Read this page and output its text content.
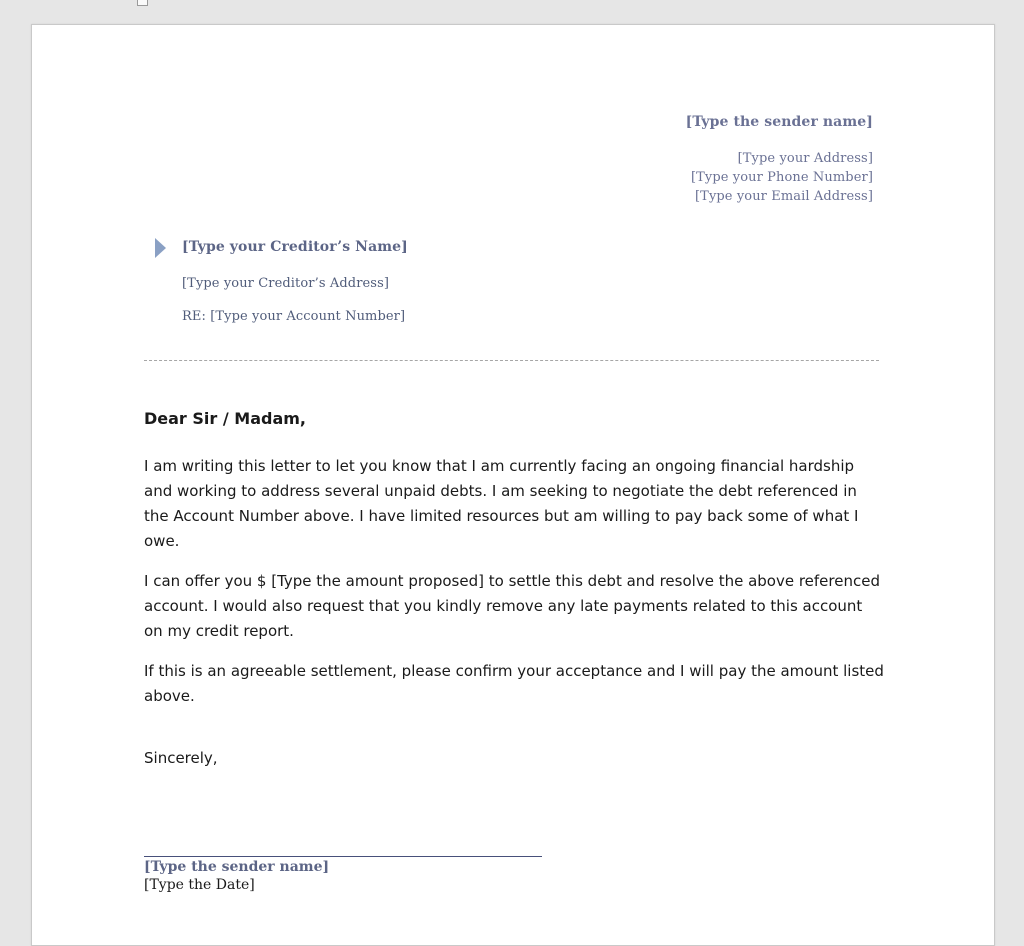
[Type the sender name]
[Type your Address]
[Type your Phone Number]
[Type your Email Address]
[Type your Creditor’s Name]
[Type your Creditor’s Address]
RE: [Type your Account Number]
Dear Sir / Madam,

I am writing this letter to let you know that I am currently facing an ongoing financial hardship and working to address several unpaid debts. I am seeking to negotiate the debt referenced in the Account Number above. I have limited resources but am willing to pay back some of what I owe.

I can offer you $ [Type the amount proposed] to settle this debt and resolve the above referenced account. I would also request that you kindly remove any late payments related to this account on my credit report.

If this is an agreeable settlement, please confirm your acceptance and I will pay the amount listed above.

Sincerely,
[Type the sender name]
[Type the Date]
